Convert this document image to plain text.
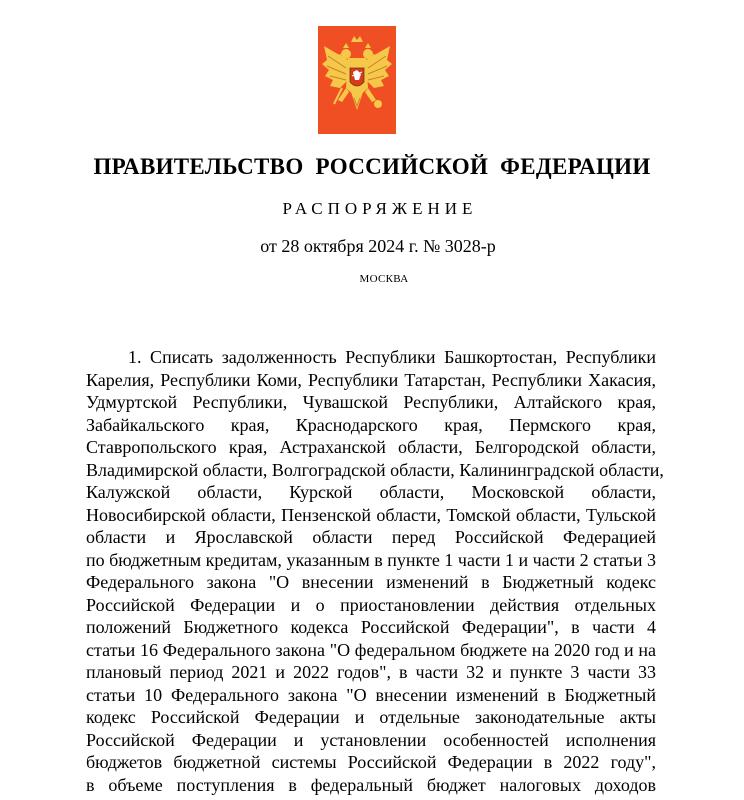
ПРАВИТЕЛЬСТВО РОССИЙСКОЙ ФЕДЕРАЦИИ
РАСПОРЯЖЕНИЕ
от 28 октября 2024 г. № 3028-р
МОСКВА
1. Списать задолженность Республики Башкортостан, Республики
Карелия, Республики Коми, Республики Татарстан, Республики Хакасия,
Удмуртской Республики, Чувашской Республики, Алтайского края,
Забайкальского края, Краснодарского края, Пермского края,
Ставропольского края, Астраханской области, Белгородской области,
Владимирской области, Волгоградской области, Калининградской области,
Калужской области, Курской области, Московской области,
Новосибирской области, Пензенской области, Томской области, Тульской
области и Ярославской области перед Российской Федерацией
по бюджетным кредитам, указанным в пункте 1 части 1 и части 2 статьи 3
Федерального закона "О внесении изменений в Бюджетный кодекс
Российской Федерации и о приостановлении действия отдельных
положений Бюджетного кодекса Российской Федерации", в части 4
статьи 16 Федерального закона "О федеральном бюджете на 2020 год и на
плановый период 2021 и 2022 годов", в части 32 и пункте 3 части 33
статьи 10 Федерального закона "О внесении изменений в Бюджетный
кодекс Российской Федерации и отдельные законодательные акты
Российской Федерации и установлении особенностей исполнения
бюджетов бюджетной системы Российской Федерации в 2022 году",
в объеме поступления в федеральный бюджет налоговых доходов
